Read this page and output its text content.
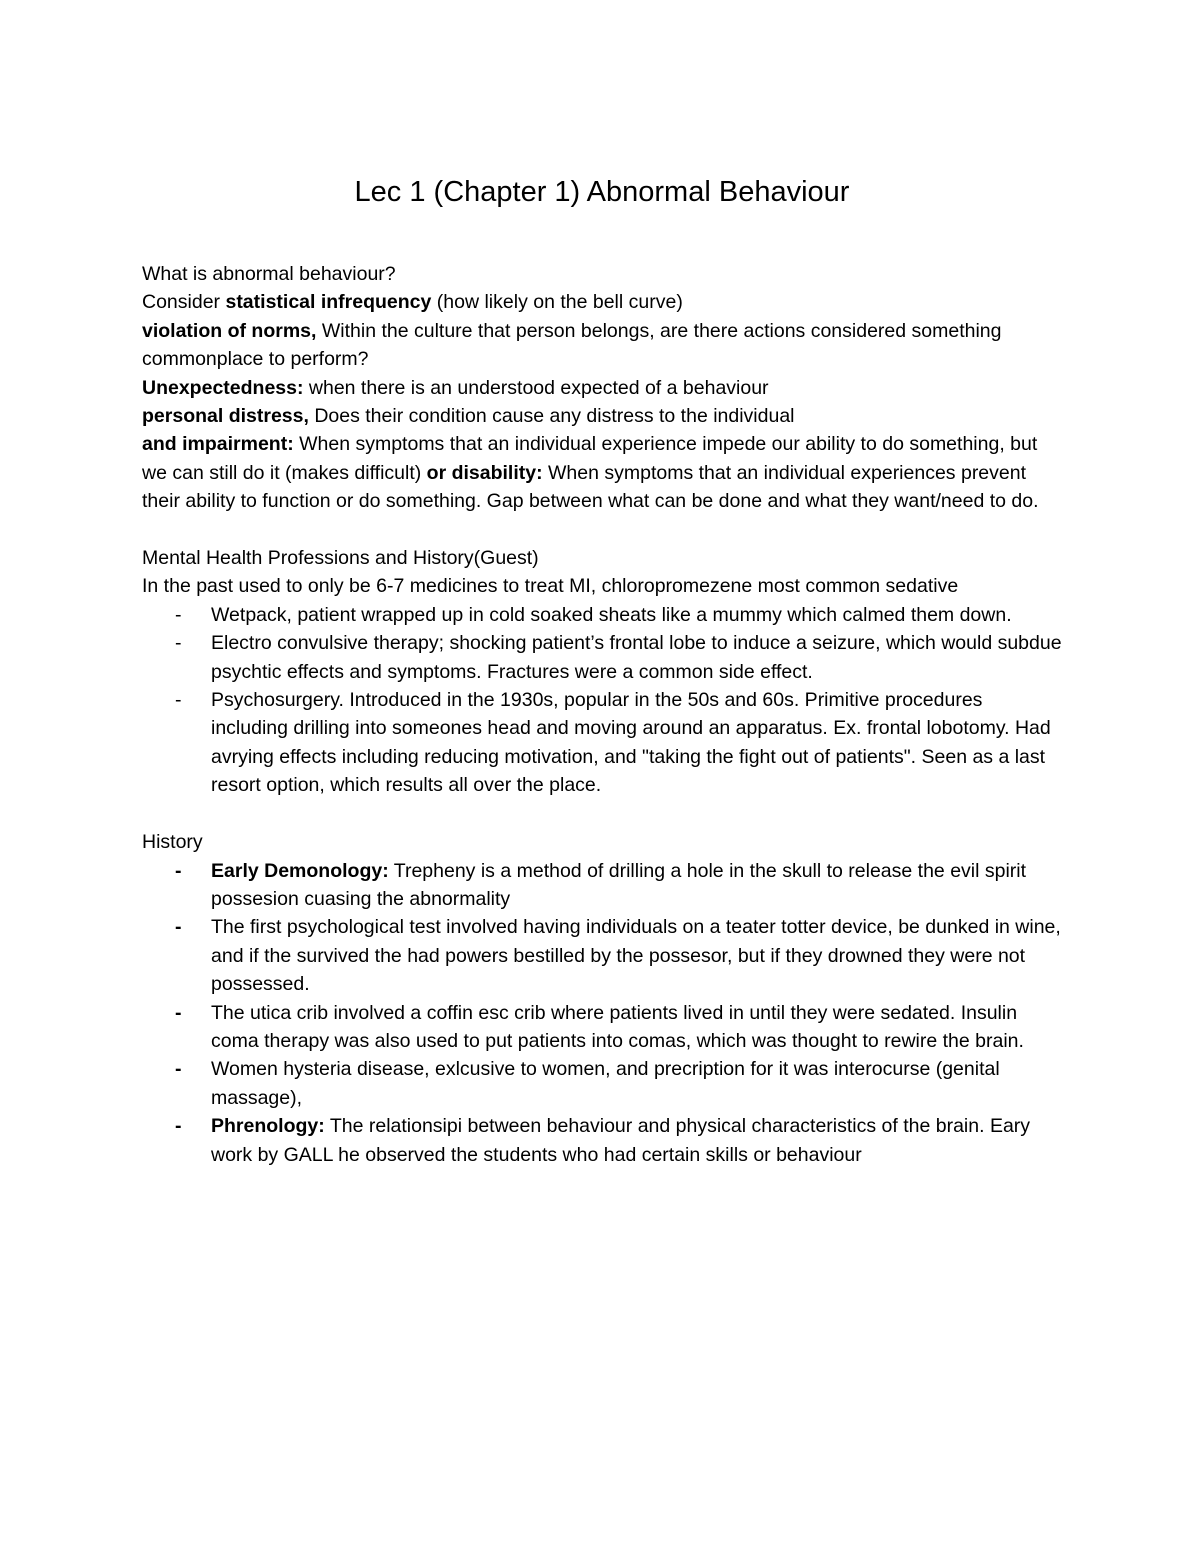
Lec 1 (Chapter 1) Abnormal Behaviour

What is abnormal behaviour?

Consider statistical infrequency (how likely on the bell curve)

violation of norms, Within the culture that person belongs, are there actions considered something commonplace to perform?

Unexpectedness: when there is an understood expected of a behaviour

personal distress, Does their condition cause any distress to the individual

and impairment: When symptoms that an individual experience impede our ability to do something, but we can still do it (makes difficult) or disability: When symptoms that an individual experiences prevent their ability to function or do something. Gap between what can be done and what they want/need to do.

Mental Health Professions and History(Guest)

In the past used to only be 6-7 medicines to treat MI, chloropromezene most common sedative

- Wetpack, patient wrapped up in cold soaked sheats like a mummy which calmed them down.
- Electro convulsive therapy; shocking patient’s frontal lobe to induce a seizure, which would subdue psychtic effects and symptoms. Fractures were a common side effect.
- Psychosurgery. Introduced in the 1930s, popular in the 50s and 60s. Primitive procedures including drilling into someones head and moving around an apparatus. Ex. frontal lobotomy. Had avrying effects including reducing motivation, and "taking the fight out of patients". Seen as a last resort option, which results all over the place.

History

- Early Demonology: Trepheny is a method of drilling a hole in the skull to release the evil spirit possesion cuasing the abnormality
- The first psychological test involved having individuals on a teater totter device, be dunked in wine, and if the survived the had powers bestilled by the possesor, but if they drowned they were not possessed.
- The utica crib involved a coffin esc crib where patients lived in until they were sedated. Insulin coma therapy was also used to put patients into comas, which was thought to rewire the brain.
- Women hysteria disease, exlcusive to women, and precription for it was interocurse (genital massage),
- Phrenology: The relationsipi between behaviour and physical characteristics of the brain. Eary work by GALL he observed the students who had certain skills or behaviour
